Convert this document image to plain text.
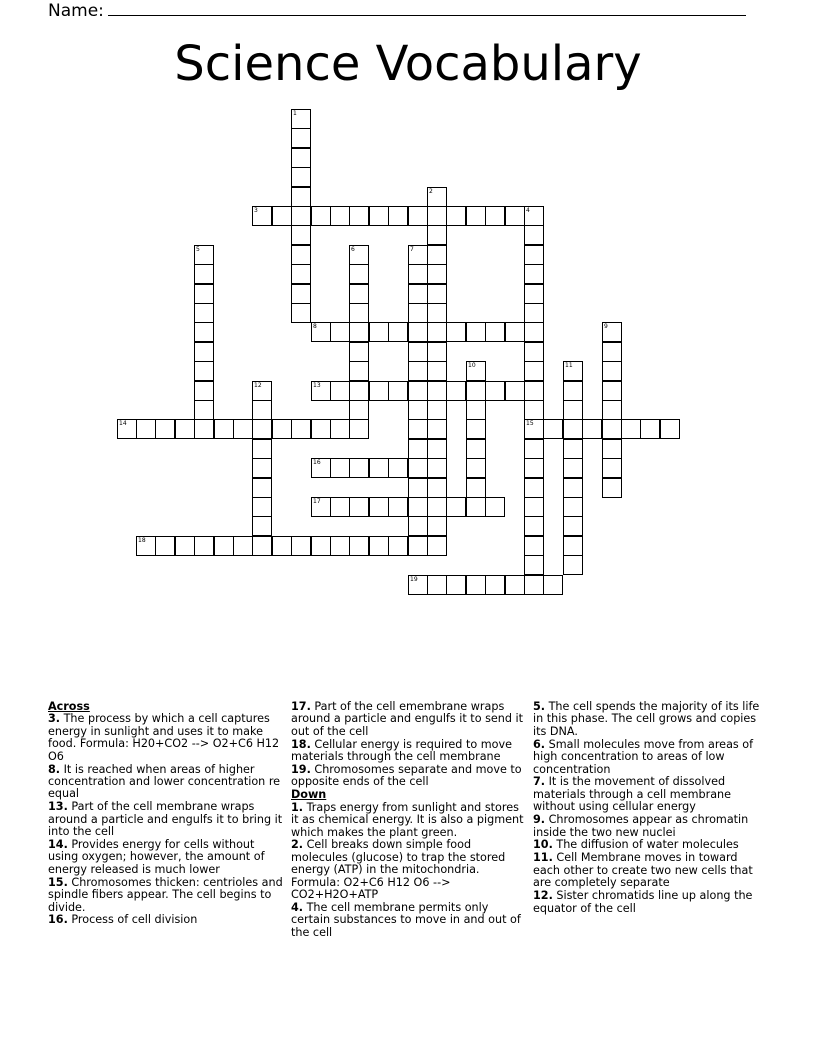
Name:
Science Vocabulary
1
2
3	4
15
5	6	7
8	9
10	11
12	13
14
16
17
18
19
Across
3. The process by which a cell captures energy in sunlight and uses it to make food. Formula: H20+CO2 --> O2+C6 H12 O6
8. It is reached when areas of higher concentration and lower concentration re equal
13. Part of the cell membrane wraps around a particle and engulfs it to bring it into the cell
14. Provides energy for cells without using oxygen; however, the amount of energy released is much lower
15. Chromosomes thicken: centrioles and spindle fibers appear. The cell begins to divide.
16. Process of cell division
17. Part of the cell emembrane wraps around a particle and engulfs it to send it out of the cell
18. Cellular energy is required to move materials through the cell membrane
19. Chromosomes separate and move to opposite ends of the cell
Down
1. Traps energy from sunlight and stores it as chemical energy. It is also a pigment which makes the plant green.
2. Cell breaks down simple food molecules (glucose) to trap the stored energy (ATP) in the mitochondria. Formula: O2+C6 H12 O6 --> CO2+H2O+ATP
4. The cell membrane permits only certain substances to move in and out of the cell
5. The cell spends the majority of its life in this phase. The cell grows and copies its DNA.
6. Small molecules move from areas of high concentration to areas of low concentration
7. It is the movement of dissolved materials through a cell membrane without using cellular energy
9. Chromosomes appear as chromatin inside the two new nuclei
10. The diffusion of water molecules
11. Cell Membrane moves in toward each other to create two new cells that are completely separate
12. Sister chromatids line up along the equator of the cell
